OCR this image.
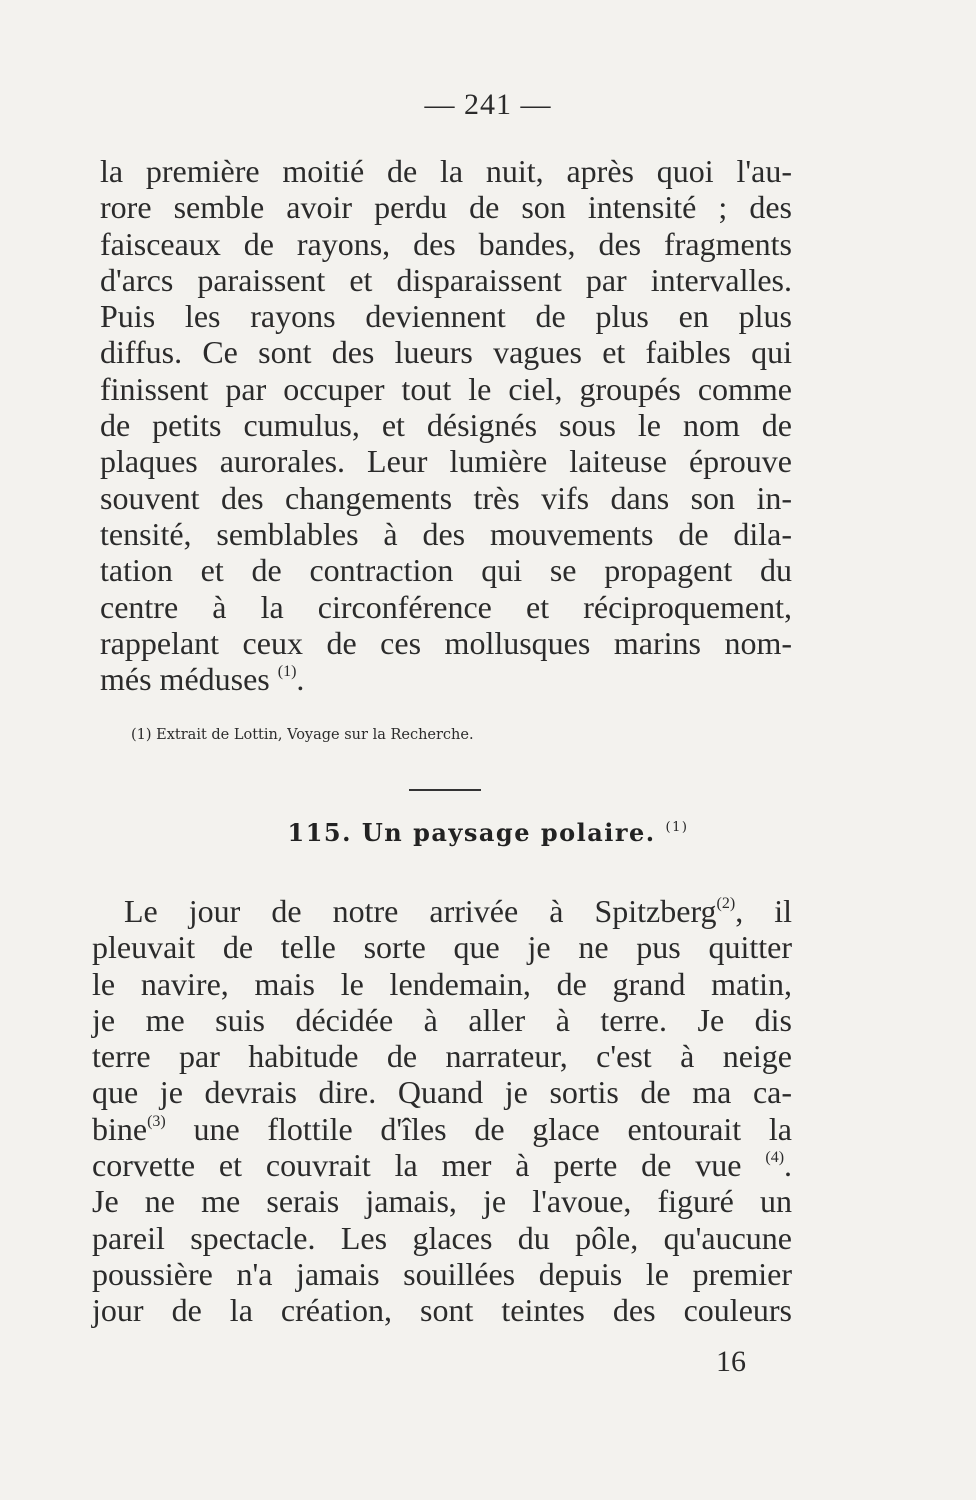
— 241 —
la première moitié de la nuit, après quoi l'au-
rore semble avoir perdu de son intensité ; des
faisceaux de rayons, des bandes, des fragments
d'arcs paraissent et disparaissent par intervalles.
Puis les rayons deviennent de plus en plus
diffus. Ce sont des lueurs vagues et faibles qui
finissent par occuper tout le ciel, groupés comme
de petits cumulus, et désignés sous le nom de
plaques aurorales. Leur lumière laiteuse éprouve
souvent des changements très vifs dans son in-
tensité, semblables à des mouvements de dila-
tation et de contraction qui se propagent du
centre à la circonférence et réciproquement,
rappelant ceux de ces mollusques marins nom-
més méduses $^{(1)}$.
(1) Extrait de Lottin, Voyage sur la Recherche.
115. Un paysage polaire. $^{(1)}$
Le jour de notre arrivée à Spitzberg$^{(2)}$, il
pleuvait de telle sorte que je ne pus quitter
le navire, mais le lendemain, de grand matin,
je me suis décidée à aller à terre. Je dis
terre par habitude de narrateur, c'est à neige
que je devrais dire. Quand je sortis de ma ca-
bine$^{(3)}$ une flottile d'îles de glace entourait la
corvette et couvrait la mer à perte de vue $^{(4)}$.
Je ne me serais jamais, je l'avoue, figuré un
pareil spectacle. Les glaces du pôle, qu'aucune
poussière n'a jamais souillées depuis le premier
jour de la création, sont teintes des couleurs
16
